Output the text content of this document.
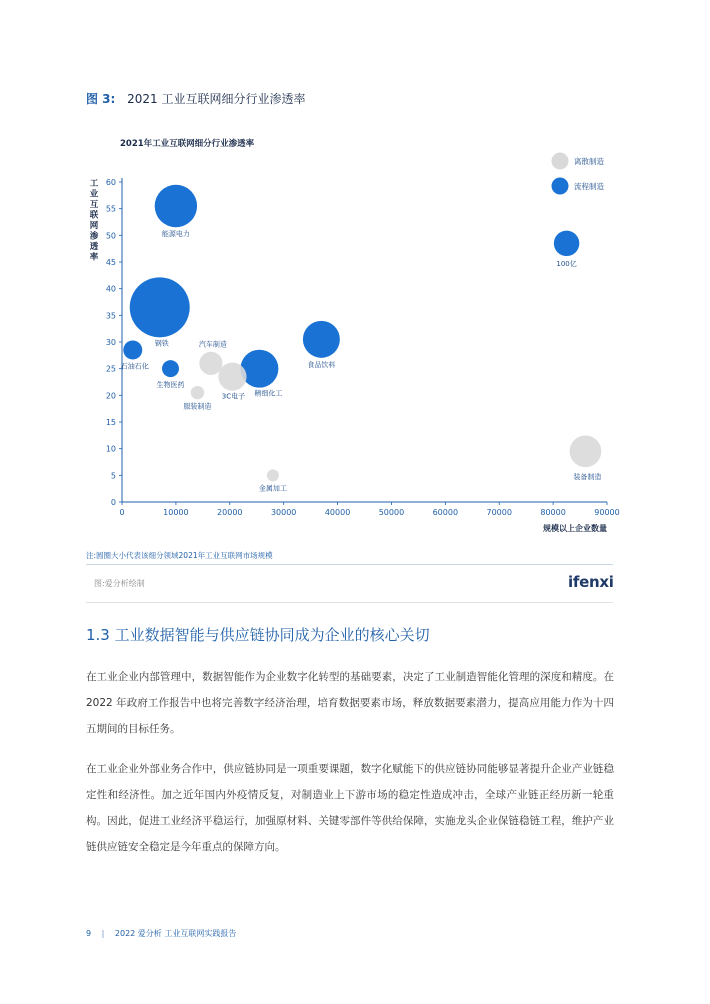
图 3: 2021 工业互联网细分行业渗透率
2021年工业互联网细分行业渗透率
工
业
互
联
网
渗
透
率
规模以上企业数量
0
5
10
15
20
25
30
35
40
45
50
55
60
0	10000	20000	30000	40000	50000	60000	70000	80000	90000
钢铁
能源电力
精细化工
食品饮料
装备制造
3C电子
100亿
汽车制造
石油石化
生物医药
服装制造
金属加工
离散制造
流程制造
注:圆圈大小代表该细分领域2021年工业互联网市场规模
图:爱分析绘制	ifenxi
1.3 工业数据智能与供应链协同成为企业的核心关切

在工业企业内部管理中，数据智能作为企业数字化转型的基础要素，决定了工业制造智能化管理的深度和精度。在2022 年政府工作报告中也将完善数字经济治理，培育数据要素市场，释放数据要素潜力，提高应用能力作为十四五期间的目标任务。

在工业企业外部业务合作中，供应链协同是一项重要课题，数字化赋能下的供应链协同能够显著提升企业产业链稳定性和经济性。加之近年国内外疫情反复，对制造业上下游市场的稳定性造成冲击，全球产业链正经历新一轮重构。因此，促进工业经济平稳运行，加强原材料、关键零部件等供给保障，实施龙头企业保链稳链工程，维护产业链供应链安全稳定是今年重点的保障方向。

9 | 2022 爱分析 工业互联网实践报告
